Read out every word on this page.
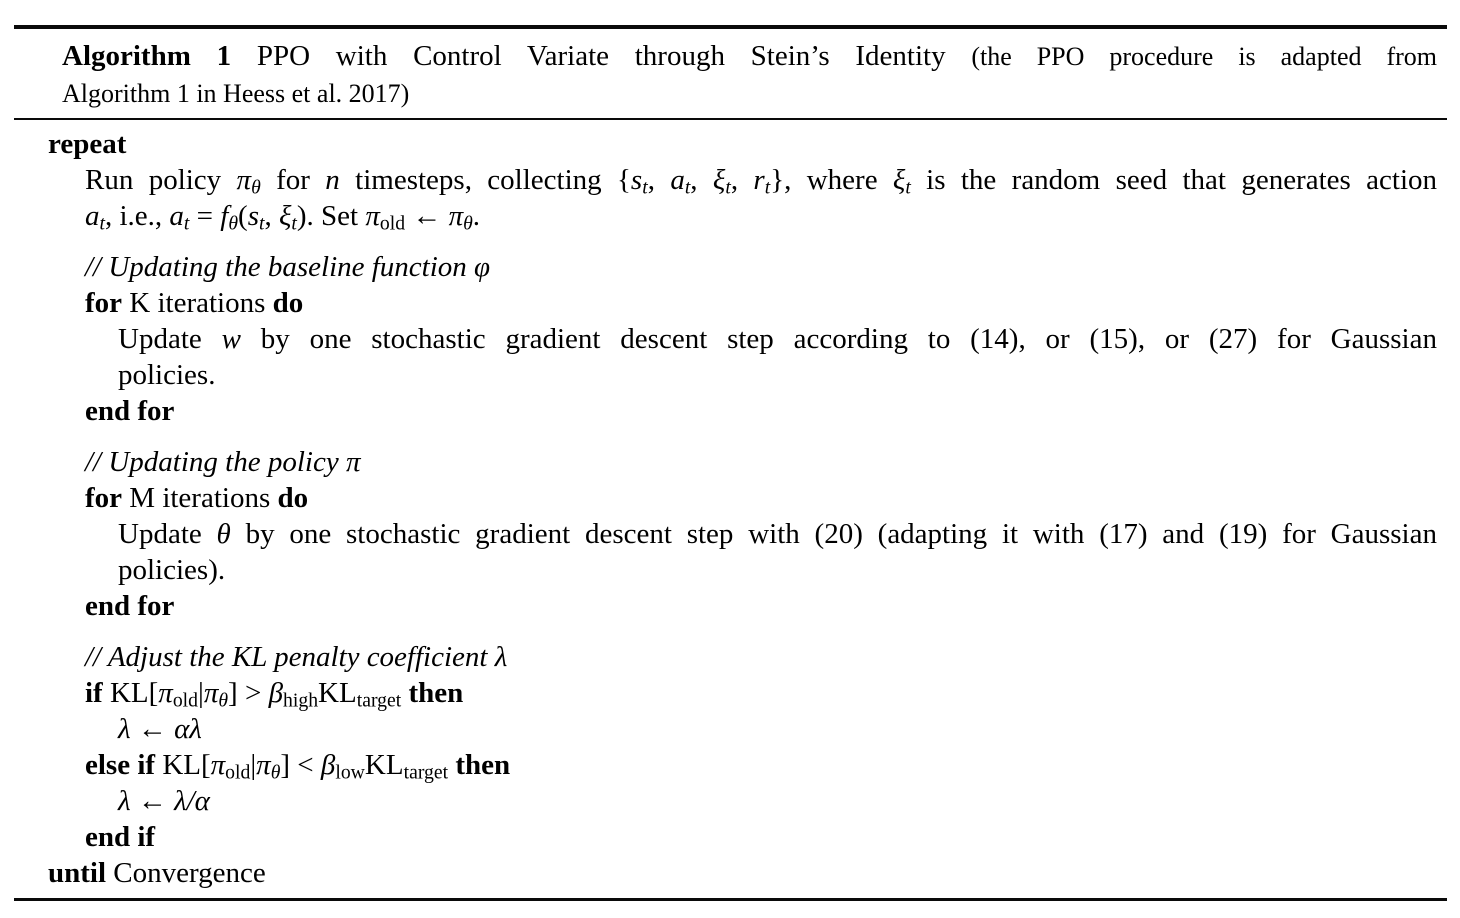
Algorithm 1 PPO with Control Variate through Stein’s Identity (the PPO procedure is adapted from
Algorithm 1 in Heess et al. 2017)
repeat
Run policy πθ for n timesteps, collecting {st, at, ξt, rt}, where ξt is the random seed that generates action
at, i.e., at = fθ(st, ξt). Set πold ← πθ.
// Updating the baseline function φ
for K iterations do
Update w by one stochastic gradient descent step according to (14), or (15), or (27) for Gaussian
policies.
end for
// Updating the policy π
for M iterations do
Update θ by one stochastic gradient descent step with (20) (adapting it with (17) and (19) for Gaussian
policies).
end for
// Adjust the KL penalty coefficient λ
if KL[πold|πθ] > βhighKLtarget then
λ ← αλ
else if KL[πold|πθ] < βlowKLtarget then
λ ← λ/α
end if
until Convergence
